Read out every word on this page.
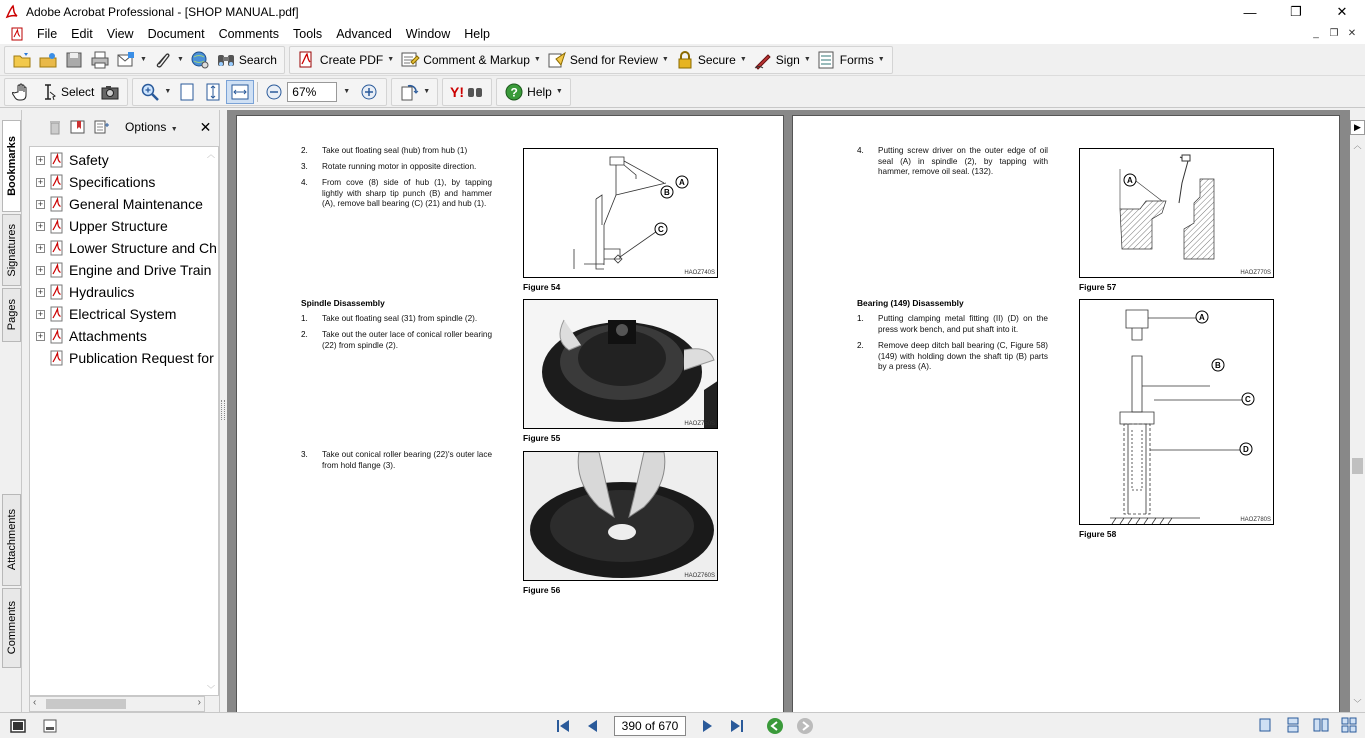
Adobe Acrobat Professional - [SHOP MANUAL.pdf]	—	❐	✕
File	Edit	View	Document	Comments	Tools	Advanced	Window	Help	_	❐ ✕
▼	▼	Search	Create PDF ▼ Comment & Markup ▼ Send for Review ▼ Secure ▼ Sign ▼ Forms ▼
Select	▼	67%	▼	▼ Y!	? Help ▼
Bookmarks
Signatures
Pages
Attachments
Comments
Options ▼ ✕
︿
﹀
+ Safety
+ Specifications
+ General Maintenance
+ Upper Structure
+ Lower Structure and Ch
+ Engine and Drive Train
+ Hydraulics
+ Electrical System
+ Attachments
Publication Request for
‹	›
2. Take out floating seal (hub) from hub (1)
3. Rotate running motor in opposite direction.
4. From cove (8) side of hub (1), by tapping lightly with sharp tip punch (B) and hammer (A), remove ball bearing (C) (21) and hub (1).
Spindle Disassembly
1. Take out floating seal (31) from spindle (2).
2. Take out the outer lace of conical roller bearing (22) from spindle (2).
3. Take out conical roller bearing (22)'s outer lace from hold flange (3).
A
B
C
HAOZ740S
Figure 54
HAOZ750S
Figure 55
HAOZ760S
Figure 56
4. Putting screw driver on the outer edge of oil seal (A) in spindle (2), by tapping with hammer, remove oil seal. (132).
Bearing (149) Disassembly
1. Putting clamping metal fitting (II) (D) on the press work bench, and put shaft into it.
2. Remove deep ditch ball bearing (C, Figure 58) (149) with holding down the shaft tip (B) parts by a press (A).
A
HAOZ770S
Figure 57
A
B
C
D
HAOZ780S
Figure 58
▶
︿
﹀
390 of 670
